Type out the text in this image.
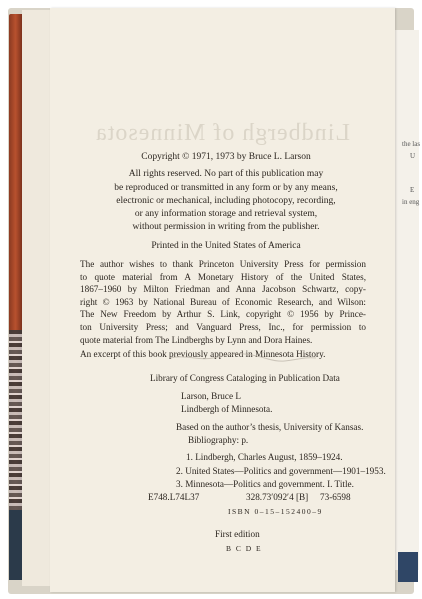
the las
U
E
in eng
Lindbergh of Minnesota
Copyright © 1971, 1973 by Bruce L. Larson
All rights reserved. No part of this publication may
be reproduced or transmitted in any form or by any means,
electronic or mechanical, including photocopy, recording,
or any information storage and retrieval system,
without permission in writing from the publisher.
Printed in the United States of America
The author wishes to thank Princeton University Press for permission
to quote material from A Monetary History of the United States,
1867–1960 by Milton Friedman and Anna Jacobson Schwartz, copy-
right © 1963 by National Bureau of Economic Research, and Wilson:
The New Freedom by Arthur S. Link, copyright © 1956 by Prince-
ton University Press; and Vanguard Press, Inc., for permission to
quote material from The Lindberghs by Lynn and Dora Haines.
An excerpt of this book previously appeared in Minnesota History.
Library of Congress Cataloging in Publication Data
Larson, Bruce L
Lindbergh of Minnesota.
Based on the author’s thesis, University of Kansas.
Bibliography: p.
1. Lindbergh, Charles August, 1859–1924.
2. United States—Politics and government—1901–1953.
3. Minnesota—Politics and government. I. Title.
E748.L74L37	328.73′092′4 [B] 73-6598
ISBN 0–15–152400–9
First edition
B C D E
